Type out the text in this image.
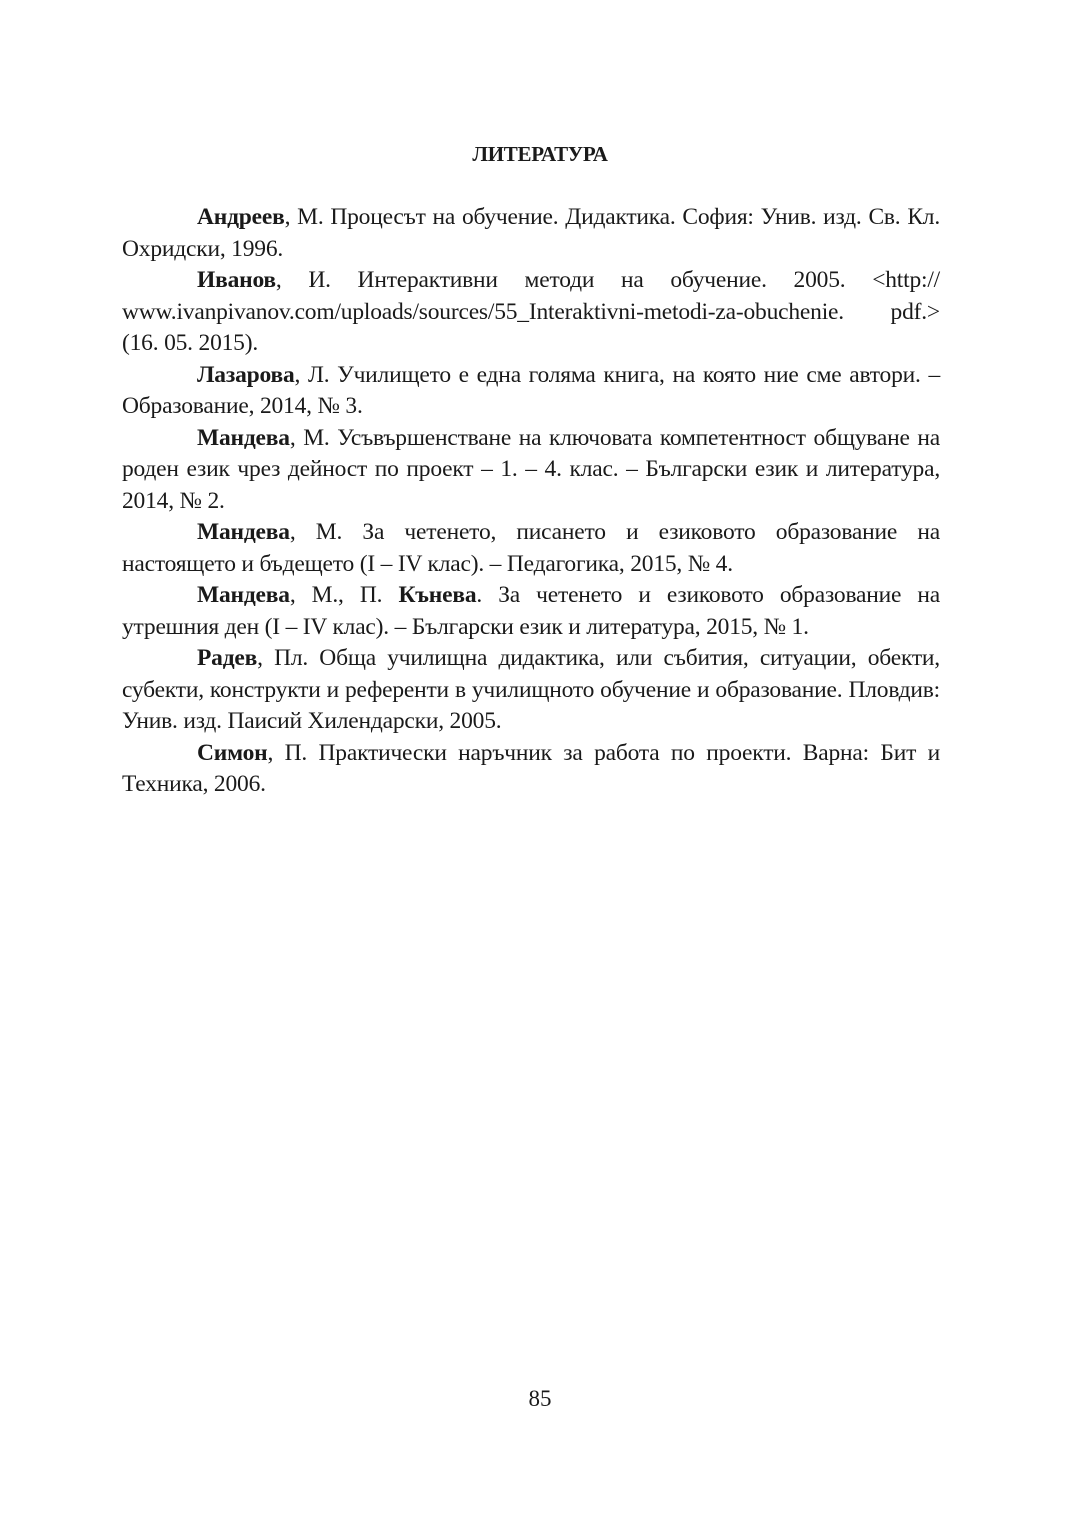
ЛИТЕРАТУРА

Андреев, М. Процесът на обучение. Дидактика. София: Унив. изд. Св. Кл. Охридски, 1996.

Иванов, И. Интерактивни методи на обучение. 2005. <http:// www.ivanpivanov.com/uploads/sources/55_Interaktivni-metodi-za-obuchenie. pdf.> (16. 05. 2015).

Лазарова, Л. Училището е една голяма книга, на която ние сме автори. – Образование, 2014, № 3.

Мандева, М. Усъвършенстване на ключовата компетентност общуване на роден език чрез дейност по проект – 1. – 4. клас. – Български език и литература, 2014, № 2.

Мандева, М. За четенето, писането и езиковото образование на настоящето и бъдещето (I – IV клас). – Педагогика, 2015, № 4.

Мандева, М., П. Кънева. За четенето и езиковото образование на утрешния ден (I – IV клас). – Български език и литература, 2015, № 1.

Радев, Пл. Обща училищна дидактика, или събития, ситуации, обекти, субекти, конструкти и референти в училищното обучение и образование. Пловдив: Унив. изд. Паисий Хилендарски, 2005.

Симон, П. Практически наръчник за работа по проекти. Варна: Бит и Техника, 2006.

85
